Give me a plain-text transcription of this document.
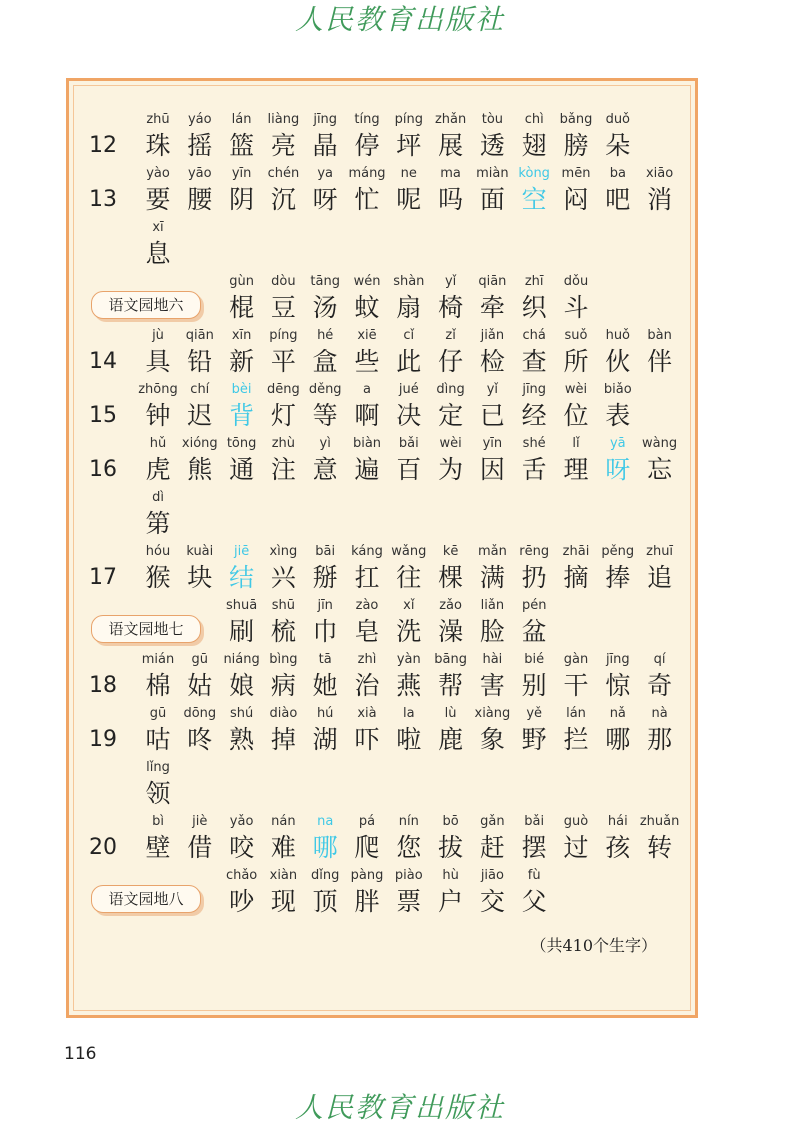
人民教育出版社
12
zhū
珠
yáo
摇
lán
篮
liàng
亮
jīng
晶
tíng
停
píng
坪
zhǎn
展
tòu
透
chì
翅
bǎng
膀
duǒ
朵
13
yào
要
yāo
腰
yīn
阴
chén
沉
ya
呀
máng
忙
ne
呢
ma
吗
miàn
面
kòng
空
mēn
闷
ba
吧
xiāo
消
xī
息
语文园地六
gùn
棍
dòu
豆
tāng
汤
wén
蚊
shàn
扇
yǐ
椅
qiān
牵
zhī
织
dǒu
斗
14
jù
具
qiān
铅
xīn
新
píng
平
hé
盒
xiē
些
cǐ
此
zǐ
仔
jiǎn
检
chá
查
suǒ
所
huǒ
伙
bàn
伴
15
zhōng
钟
chí
迟
bèi
背
dēng
灯
děng
等
a
啊
jué
决
dìng
定
yǐ
已
jīng
经
wèi
位
biǎo
表
16
hǔ
虎
xióng
熊
tōng
通
zhù
注
yì
意
biàn
遍
bǎi
百
wèi
为
yīn
因
shé
舌
lǐ
理
yā
呀
wàng
忘
dì
第
17
hóu
猴
kuài
块
jiē
结
xìng
兴
bāi
掰
káng
扛
wǎng
往
kē
棵
mǎn
满
rēng
扔
zhāi
摘
pěng
捧
zhuī
追
语文园地七
shuā
刷
shū
梳
jīn
巾
zào
皂
xǐ
洗
zǎo
澡
liǎn
脸
pén
盆
18
mián
棉
gū
姑
niáng
娘
bìng
病
tā
她
zhì
治
yàn
燕
bāng
帮
hài
害
bié
别
gàn
干
jīng
惊
qí
奇
19
gū
咕
dōng
咚
shú
熟
diào
掉
hú
湖
xià
吓
la
啦
lù
鹿
xiàng
象
yě
野
lán
拦
nǎ
哪
nà
那
lǐng
领
20
bì
壁
jiè
借
yǎo
咬
nán
难
na
哪
pá
爬
nín
您
bō
拔
gǎn
赶
bǎi
摆
guò
过
hái
孩
zhuǎn
转
语文园地八
chǎo
吵
xiàn
现
dǐng
顶
pàng
胖
piào
票
hù
户
jiāo
交
fù
父
（共410个生字）
116
人民教育出版社
